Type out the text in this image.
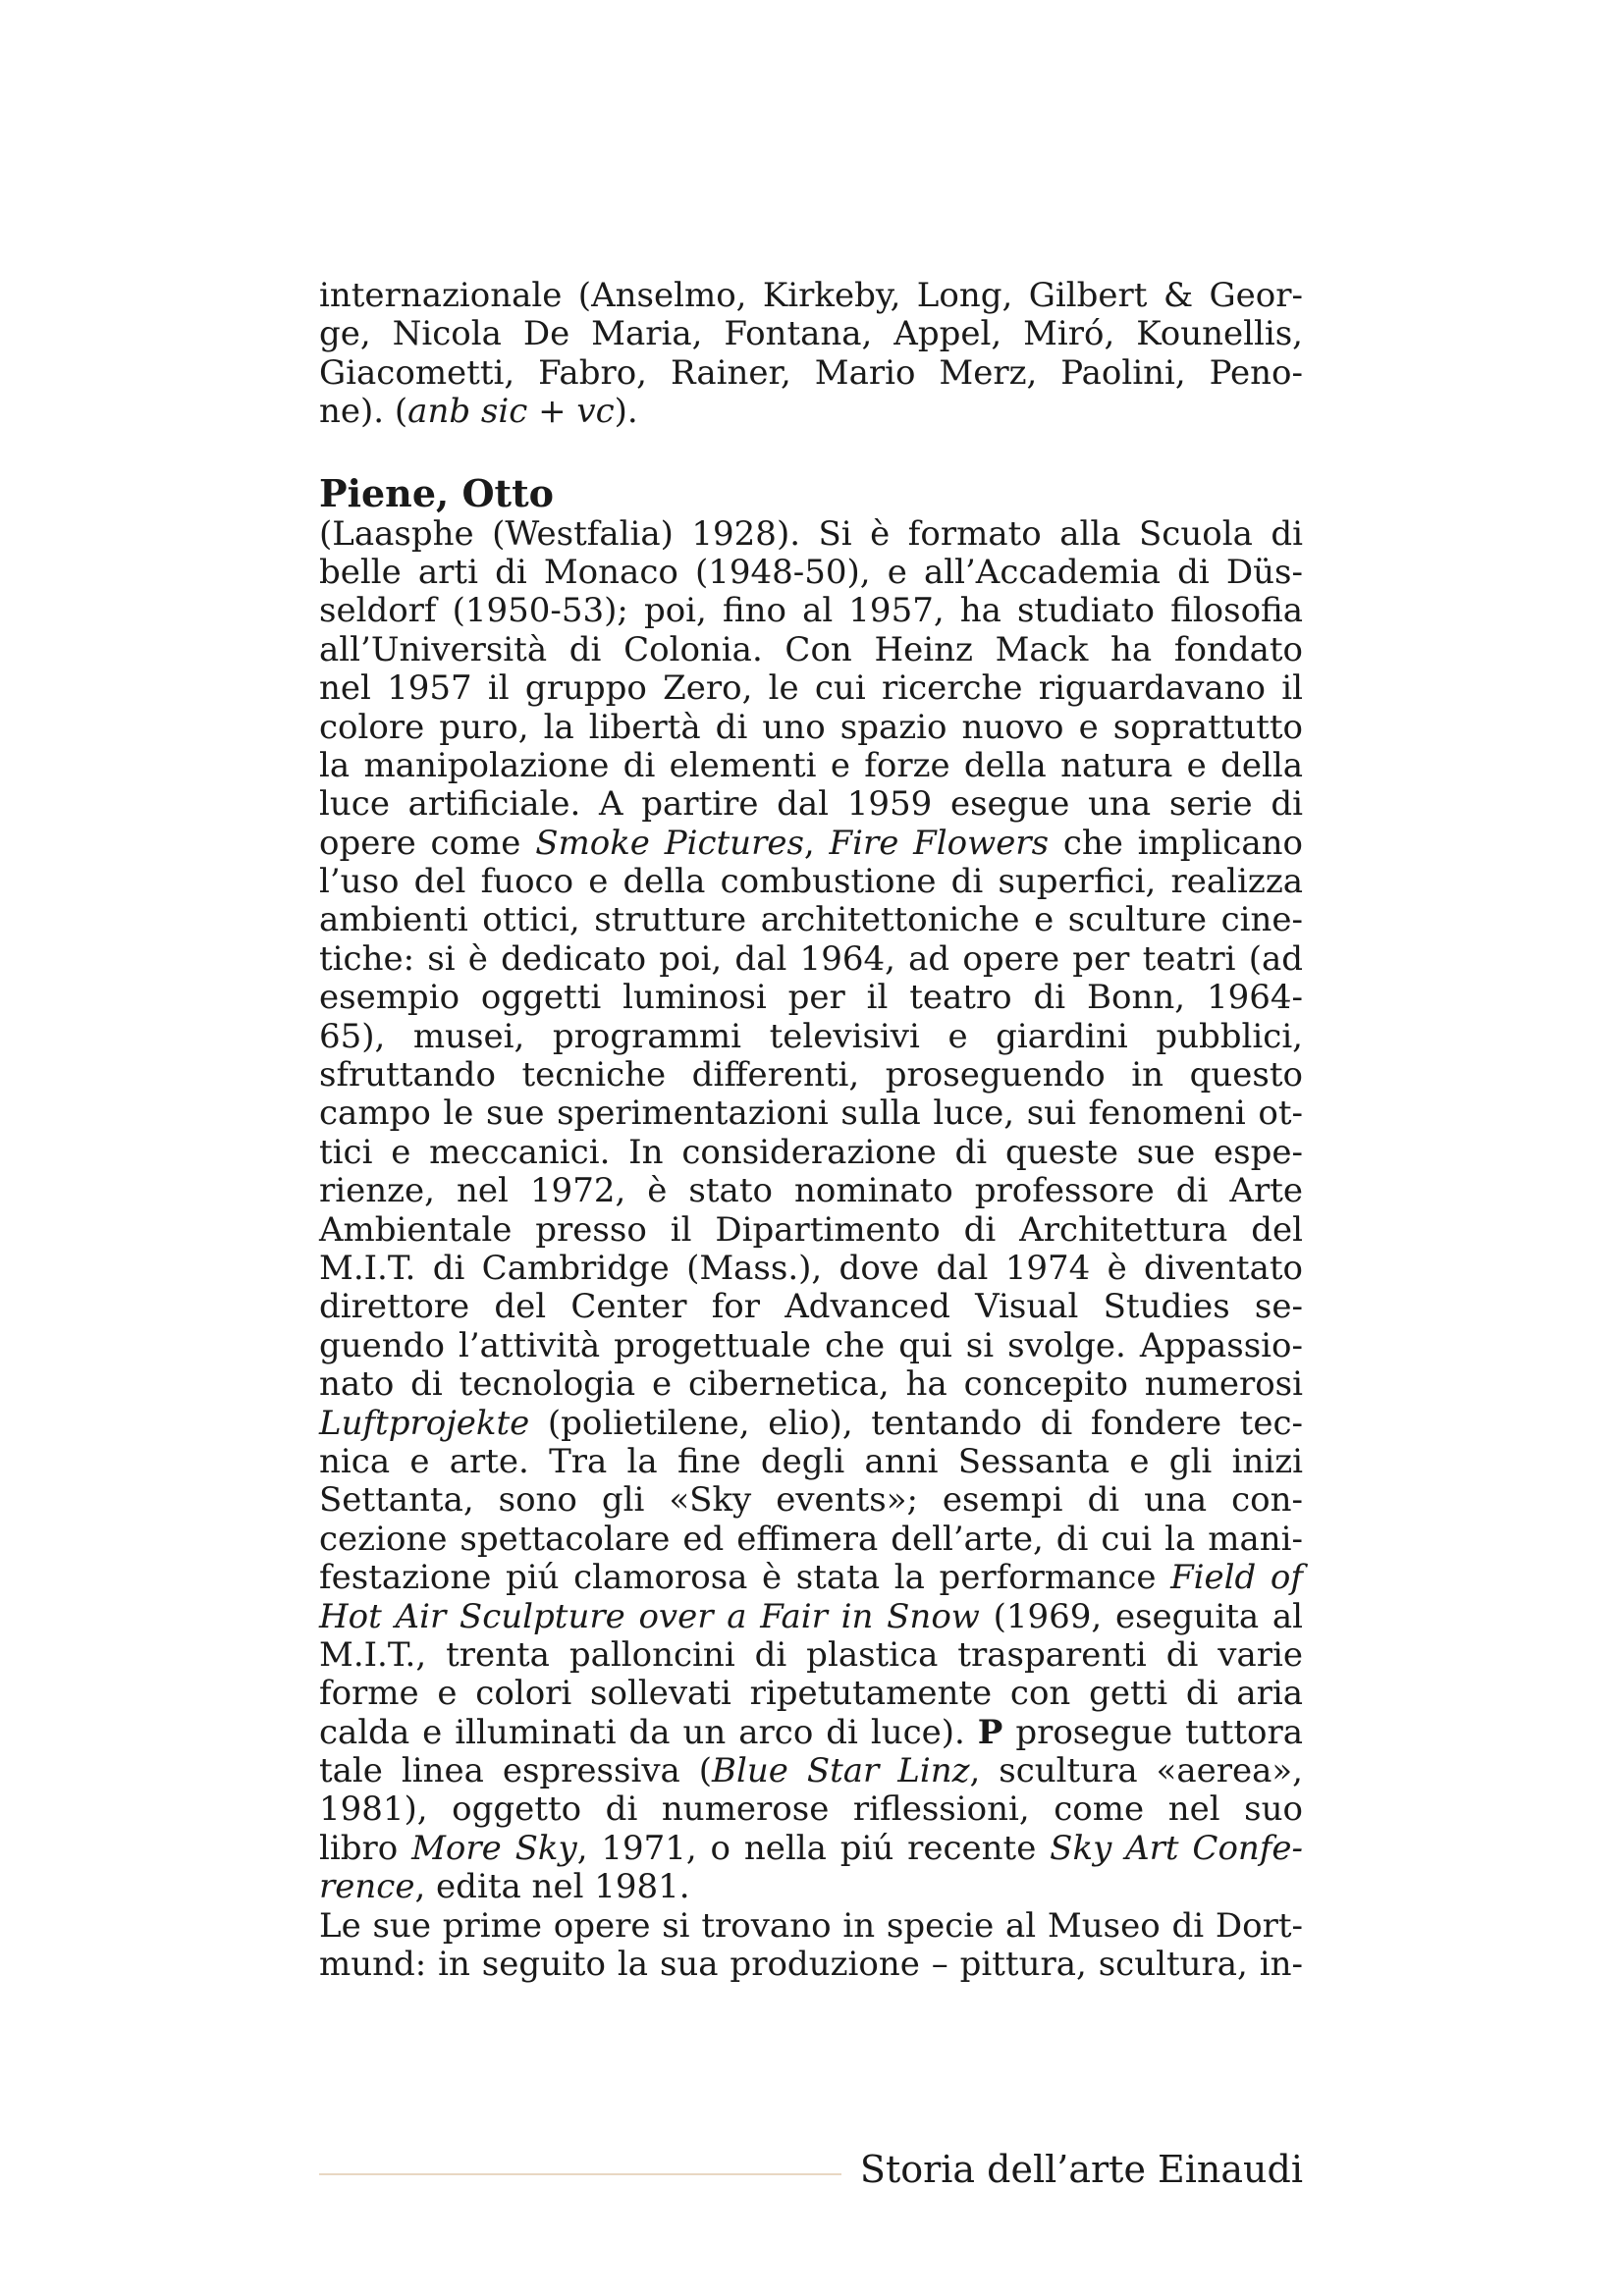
internazionale (Anselmo, Kirkeby, Long, Gilbert & Geor-
ge, Nicola De Maria, Fontana, Appel, Miró, Kounellis,
Giacometti, Fabro, Rainer, Mario Merz, Paolini, Peno-
ne). (anb sic + vc).
Piene, Otto
(Laasphe (Westfalia) 1928). Si è formato alla Scuola di
belle arti di Monaco (1948-50), e all’Accademia di Düs-
seldorf (1950-53); poi, fino al 1957, ha studiato filosofia
all’Università di Colonia. Con Heinz Mack ha fondato
nel 1957 il gruppo Zero, le cui ricerche riguardavano il
colore puro, la libertà di uno spazio nuovo e soprattutto
la manipolazione di elementi e forze della natura e della
luce artificiale. A partire dal 1959 esegue una serie di
opere come Smoke Pictures, Fire Flowers che implicano
l’uso del fuoco e della combustione di superfici, realizza
ambienti ottici, strutture architettoniche e sculture cine-
tiche: si è dedicato poi, dal 1964, ad opere per teatri (ad
esempio oggetti luminosi per il teatro di Bonn, 1964-
65), musei, programmi televisivi e giardini pubblici,
sfruttando tecniche differenti, proseguendo in questo
campo le sue sperimentazioni sulla luce, sui fenomeni ot-
tici e meccanici. In considerazione di queste sue espe-
rienze, nel 1972, è stato nominato professore di Arte
Ambientale presso il Dipartimento di Architettura del
M.I.T. di Cambridge (Mass.), dove dal 1974 è diventato
direttore del Center for Advanced Visual Studies se-
guendo l’attività progettuale che qui si svolge. Appassio-
nato di tecnologia e cibernetica, ha concepito numerosi
Luftprojekte (polietilene, elio), tentando di fondere tec-
nica e arte. Tra la fine degli anni Sessanta e gli inizi
Settanta, sono gli «Sky events»; esempi di una con-
cezione spettacolare ed effimera dell’arte, di cui la mani-
festazione piú clamorosa è stata la performance Field of
Hot Air Sculpture over a Fair in Snow (1969, eseguita al
M.I.T., trenta palloncini di plastica trasparenti di varie
forme e colori sollevati ripetutamente con getti di aria
calda e illuminati da un arco di luce). P prosegue tuttora
tale linea espressiva (Blue Star Linz, scultura «aerea»,
1981), oggetto di numerose riflessioni, come nel suo
libro More Sky, 1971, o nella piú recente Sky Art Confe-
rence, edita nel 1981.
Le sue prime opere si trovano in specie al Museo di Dort-
mund: in seguito la sua produzione – pittura, scultura, in-
Storia dell’arte Einaudi
